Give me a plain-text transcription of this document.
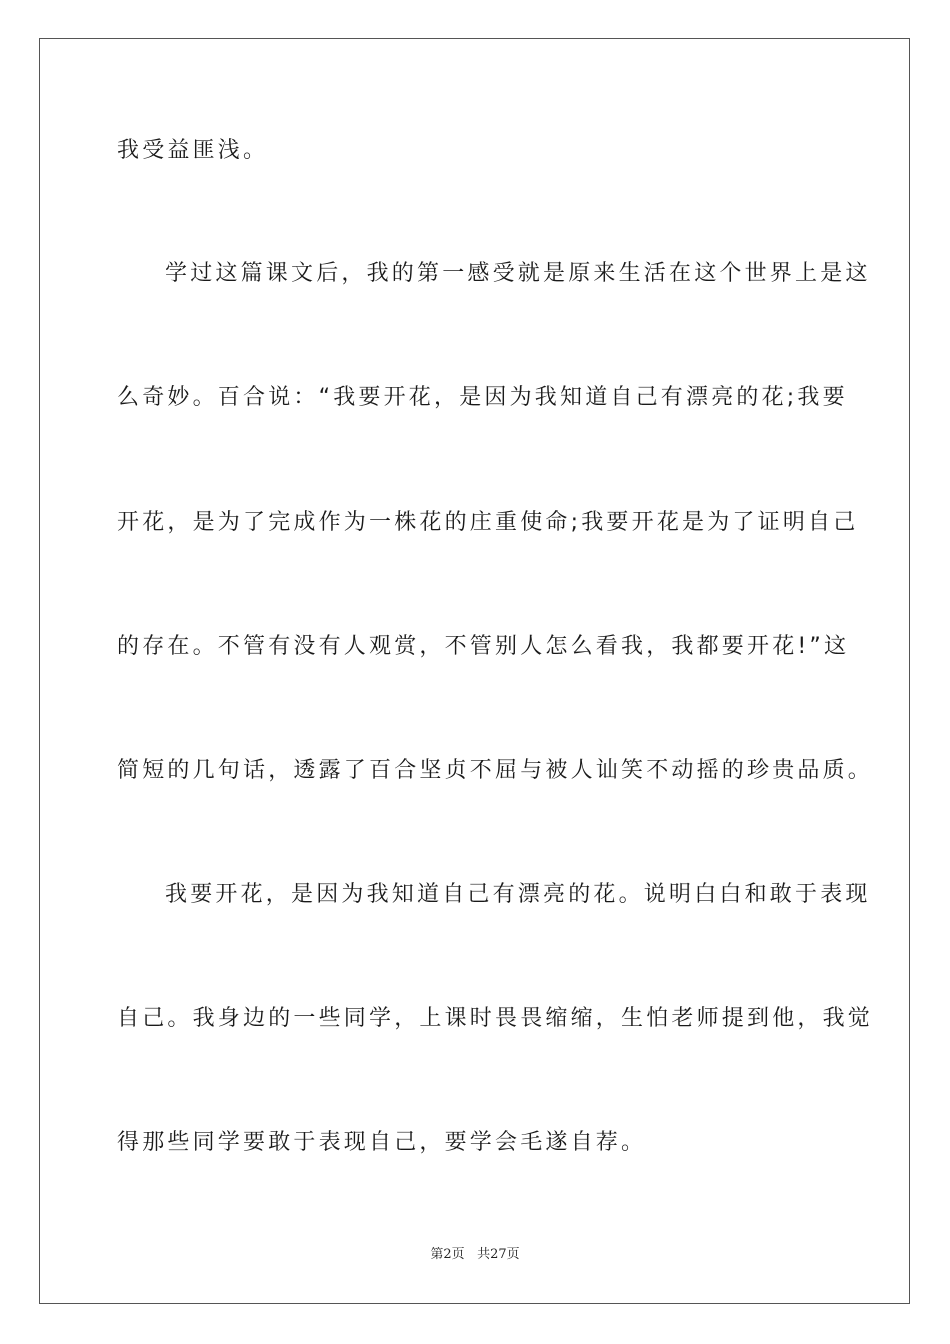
我受益匪浅。
学过这篇课文后，我的第一感受就是原来生活在这个世界上是这
么奇妙。百合说：“我要开花，是因为我知道自己有漂亮的花;我要
开花，是为了完成作为一株花的庄重使命;我要开花是为了证明自己
的存在。不管有没有人观赏，不管别人怎么看我，我都要开花!”这
简短的几句话，透露了百合坚贞不屈与被人讪笑不动摇的珍贵品质。
我要开花，是因为我知道自己有漂亮的花。说明白白和敢于表现
自己。我身边的一些同学，上课时畏畏缩缩，生怕老师提到他，我觉
得那些同学要敢于表现自己，要学会毛遂自荐。
第2页 共27页
